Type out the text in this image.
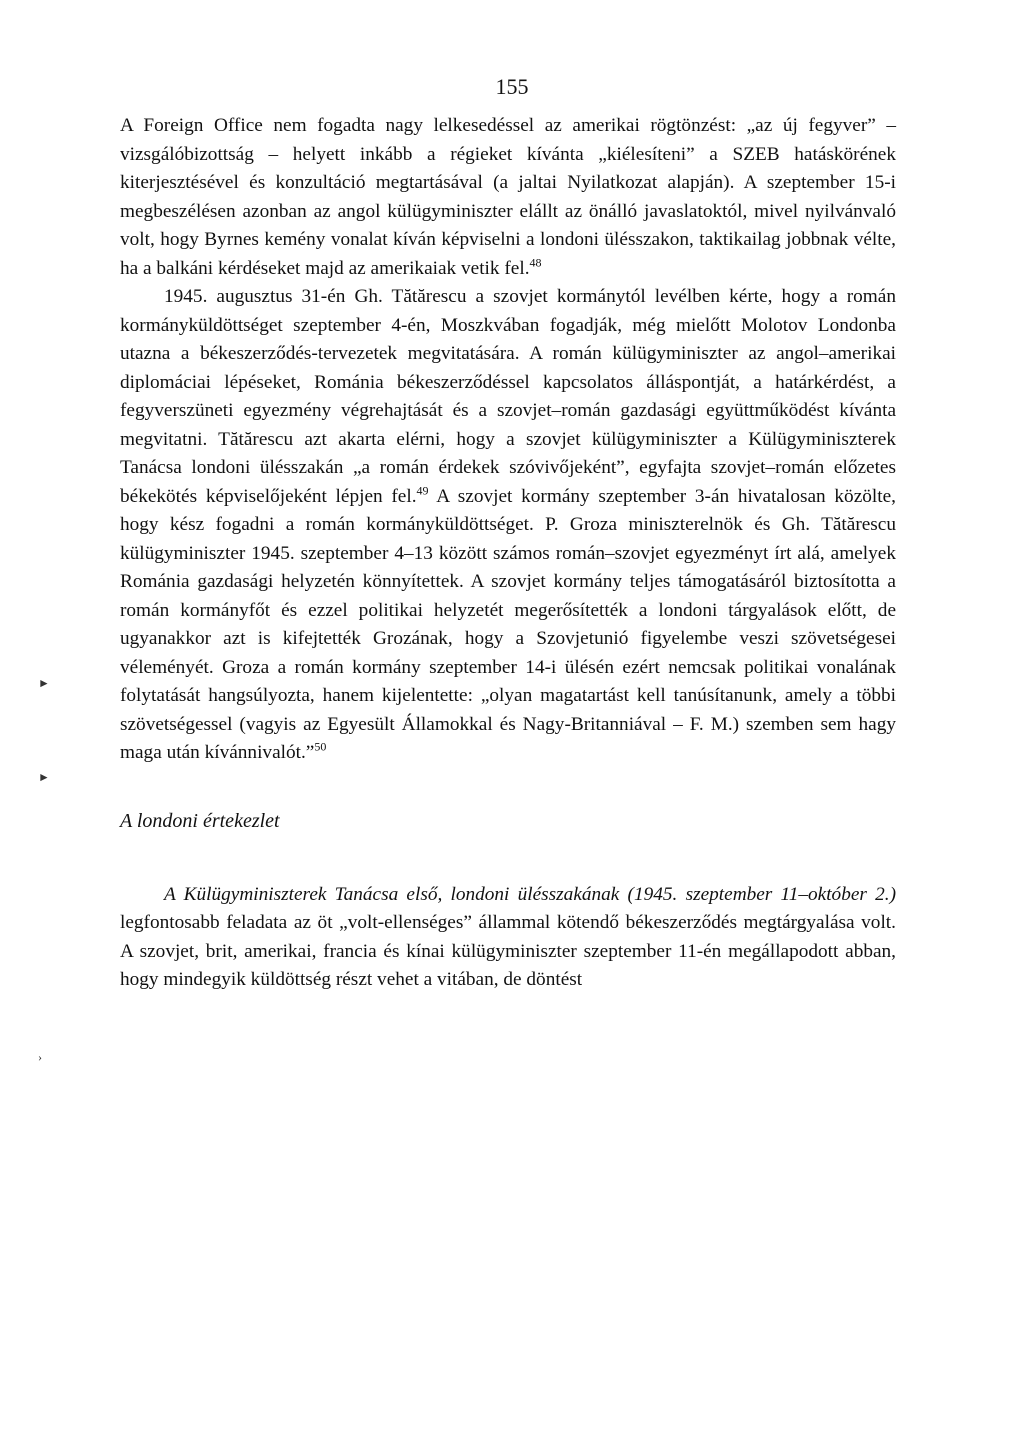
155
►
►
›

A Foreign Office nem fogadta nagy lelkesedéssel az amerikai rögtönzést: „az új fegyver” – vizsgálóbizottság – helyett inkább a régieket kívánta „kiélesíteni” a SZEB hatáskörének kiterjesztésével és konzultáció megtartásával (a jaltai Nyilatkozat alapján). A szeptember 15-i megbeszélésen azonban az angol külügyminiszter elállt az önálló javaslatoktól, mivel nyilvánvaló volt, hogy Byrnes kemény vonalat kíván képviselni a londoni ülésszakon, taktikailag jobbnak vélte, ha a balkáni kérdéseket majd az amerikaiak vetik fel.$^{48}$

1945. augusztus 31-én Gh. Tătărescu a szovjet kormánytól levélben kérte, hogy a román kormányküldöttséget szeptember 4-én, Moszkvában fogadják, még mielőtt Molotov Londonba utazna a békeszerződés-tervezetek megvitatására. A román külügyminiszter az angol–amerikai diplomáciai lépéseket, Románia békeszerződéssel kapcsolatos álláspontját, a határkérdést, a fegyverszüneti egyezmény végrehajtását és a szovjet–román gazdasági együttműködést kívánta megvitatni. Tătărescu azt akarta elérni, hogy a szovjet külügyminiszter a Külügyminiszterek Tanácsa londoni ülésszakán „a román érdekek szóvivőjeként”, egyfajta szovjet–román előzetes békekötés képviselőjeként lépjen fel.$^{49}$ A szovjet kormány szeptember 3-án hivatalosan közölte, hogy kész fogadni a román kormányküldöttséget. P. Groza miniszterelnök és Gh. Tătărescu külügyminiszter 1945. szeptember 4–13 között számos román–szovjet egyezményt írt alá, amelyek Románia gazdasági helyzetén könnyítettek. A szovjet kormány teljes támogatásáról biztosította a román kormányfőt és ezzel politikai helyzetét megerősítették a londoni tárgyalások előtt, de ugyanakkor azt is kifejtették Grozának, hogy a Szovjetunió figyelembe veszi szövetségesei véleményét. Groza a román kormány szeptember 14-i ülésén ezért nemcsak politikai vonalának folytatását hangsúlyozta, hanem kijelentette: „olyan magatartást kell tanúsítanunk, amely a többi szövetségessel (vagyis az Egyesült Államokkal és Nagy-Britanniával – F. M.) szemben sem hagy maga után kívánnivalót.”$^{50}$

A londoni értekezlet

A Külügyminiszterek Tanácsa első, londoni ülésszakának (1945. szeptember 11–október 2.) legfontosabb feladata az öt „volt-ellenséges” állammal kötendő békeszerződés megtárgyalása volt. A szovjet, brit, amerikai, francia és kínai külügyminiszter szeptember 11-én megállapodott abban, hogy mindegyik küldöttség részt vehet a vitában, de döntést
